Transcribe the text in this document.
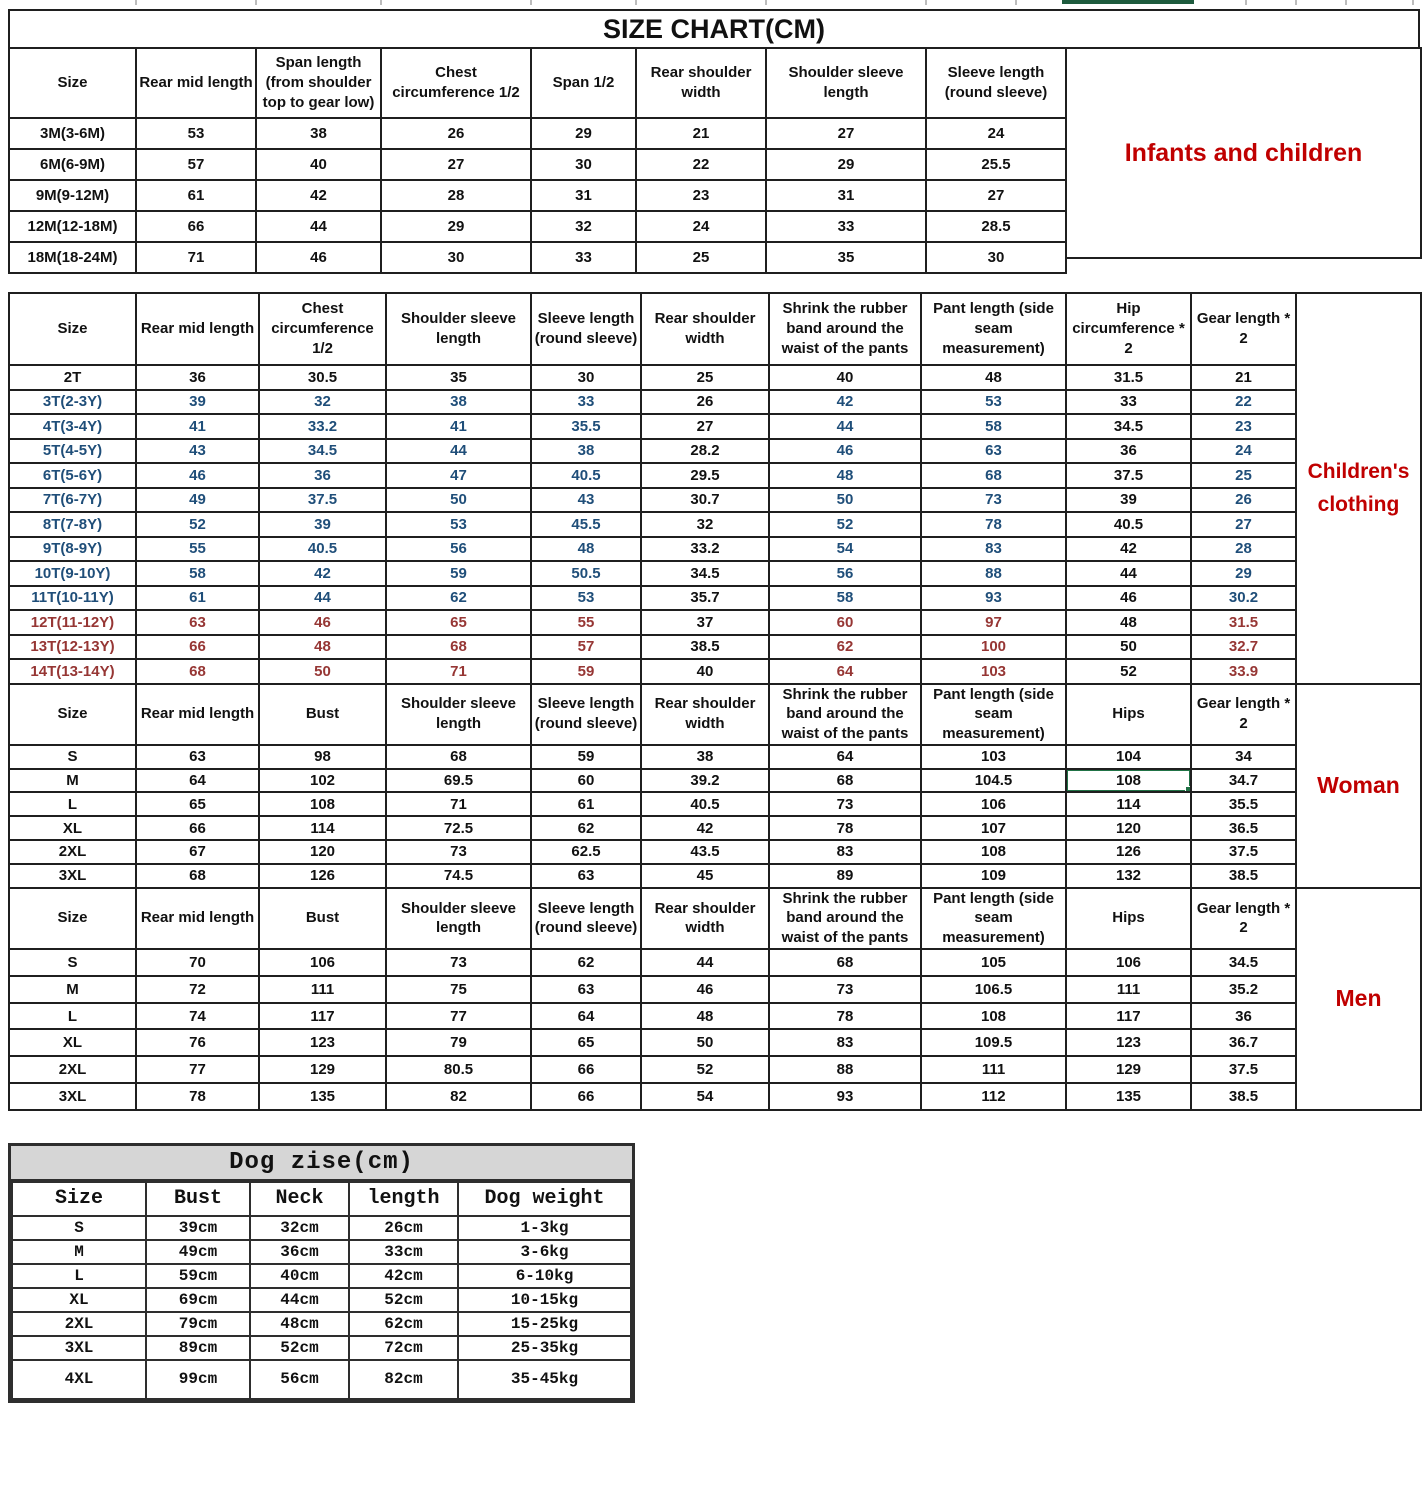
SIZE CHART(CM)
Size	Rear mid length	Span length (from shoulder top to gear low)	Chest circumference 1/2	Span 1/2	Rear shoulder width	Shoulder sleeve length	Sleeve length (round sleeve)
3M(3-6M)	53	38	26	29	21	27	24
6M(6-9M)	57	40	27	30	22	29	25.5
9M(9-12M)	61	42	28	31	23	31	27
12M(12-18M)	66	44	29	32	24	33	28.5
18M(18-24M)	71	46	30	33	25	35	30
Infants and children
Size	Rear mid length	Chest circumference 1/2	Shoulder sleeve length	Sleeve length (round sleeve)	Rear shoulder width	Shrink the rubber band around the waist of the pants	Pant length (side seam measurement)	Hip circumference * 2	Gear length * 2
2T	36	30.5	35	30	25	40	48	31.5	21
3T(2-3Y)	39	32	38	33	26	42	53	33	22
4T(3-4Y)	41	33.2	41	35.5	27	44	58	34.5	23
5T(4-5Y)	43	34.5	44	38	28.2	46	63	36	24
6T(5-6Y)	46	36	47	40.5	29.5	48	68	37.5	25
7T(6-7Y)	49	37.5	50	43	30.7	50	73	39	26
8T(7-8Y)	52	39	53	45.5	32	52	78	40.5	27
9T(8-9Y)	55	40.5	56	48	33.2	54	83	42	28
10T(9-10Y)	58	42	59	50.5	34.5	56	88	44	29
11T(10-11Y)	61	44	62	53	35.7	58	93	46	30.2
12T(11-12Y)	63	46	65	55	37	60	97	48	31.5
13T(12-13Y)	66	48	68	57	38.5	62	100	50	32.7
14T(13-14Y)	68	50	71	59	40	64	103	52	33.9
Children's clothing
Size	Rear mid length	Bust	Shoulder sleeve length	Sleeve length (round sleeve)	Rear shoulder width	Shrink the rubber band around the waist of the pants	Pant length (side seam measurement)	Hips	Gear length * 2
S	63	98	68	59	38	64	103	104	34
M	64	102	69.5	60	39.2	68	104.5	108	34.7
L	65	108	71	61	40.5	73	106	114	35.5
XL	66	114	72.5	62	42	78	107	120	36.5
2XL	67	120	73	62.5	43.5	83	108	126	37.5
3XL	68	126	74.5	63	45	89	109	132	38.5
Woman
Size	Rear mid length	Bust	Shoulder sleeve length	Sleeve length (round sleeve)	Rear shoulder width	Shrink the rubber band around the waist of the pants	Pant length (side seam measurement)	Hips	Gear length * 2
S	70	106	73	62	44	68	105	106	34.5
M	72	111	75	63	46	73	106.5	111	35.2
L	74	117	77	64	48	78	108	117	36
XL	76	123	79	65	50	83	109.5	123	36.7
2XL	77	129	80.5	66	52	88	111	129	37.5
3XL	78	135	82	66	54	93	112	135	38.5
Men
Dog zise(cm)
Size	Bust	Neck	length	Dog weight
S	39cm	32cm	26cm	1-3kg
M	49cm	36cm	33cm	3-6kg
L	59cm	40cm	42cm	6-10kg
XL	69cm	44cm	52cm	10-15kg
2XL	79cm	48cm	62cm	15-25kg
3XL	89cm	52cm	72cm	25-35kg
4XL	99cm	56cm	82cm	35-45kg
